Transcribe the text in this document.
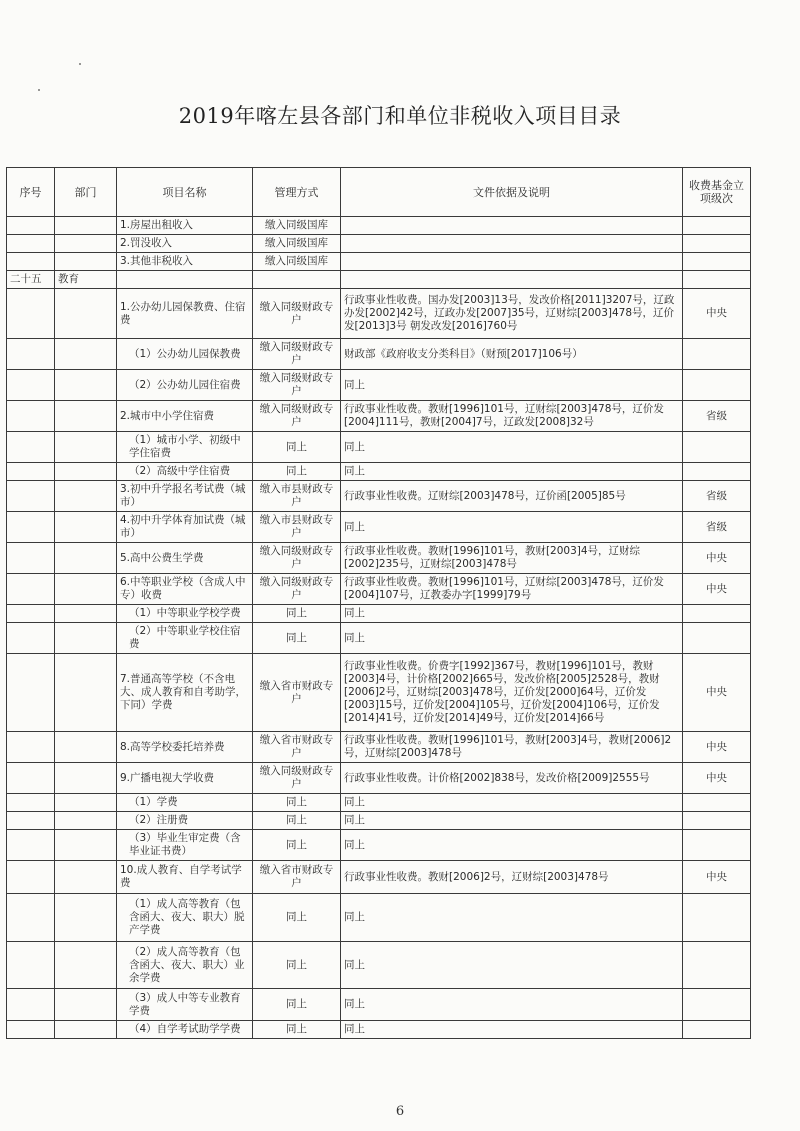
2019年喀左县各部门和单位非税收入项目目录
序号	部门	项目名称	管理方式	文件依据及说明	收费基金立项级次
		1.房屋出租收入	缴入同级国库		
		2.罚没收入	缴入同级国库		
		3.其他非税收入	缴入同级国库		
二十五	教育				
		1.公办幼儿园保教费、住宿费	缴入同级财政专户	行政事业性收费。国办发[2003]13号，发改价格[2011]3207号，辽政办发[2002]42号，辽政办发[2007]35号，辽财综[2003]478号，辽价发[2013]3号 朝发改发[2016]760号	中央
		（1）公办幼儿园保教费	缴入同级财政专户	财政部《政府收支分类科目》（财预[2017]106号）	
		（2）公办幼儿园住宿费	缴入同级财政专户	同上	
		2.城市中小学住宿费	缴入同级财政专户	行政事业性收费。教财[1996]101号，辽财综[2003]478号，辽价发[2004]111号，教财[2004]7号，辽政发[2008]32号	省级
		（1）城市小学、初级中学住宿费	同上	同上	
		（2）高级中学住宿费	同上	同上	
		3.初中升学报名考试费（城市）	缴入市县财政专户	行政事业性收费。辽财综[2003]478号，辽价函[2005]85号	省级
		4.初中升学体育加试费（城市）	缴入市县财政专户	同上	省级
		5.高中公费生学费	缴入同级财政专户	行政事业性收费。教财[1996]101号，教财[2003]4号，辽财综[2002]235号，辽财综[2003]478号	中央
		6.中等职业学校（含成人中专）收费	缴入同级财政专户	行政事业性收费。教财[1996]101号，辽财综[2003]478号，辽价发[2004]107号，辽教委办字[1999]79号	中央
		（1）中等职业学校学费	同上	同上	
		（2）中等职业学校住宿费	同上	同上	
		7.普通高等学校（不含电大、成人教育和自考助学，下同）学费	缴入省市财政专户	行政事业性收费。价费字[1992]367号，教财[1996]101号，教财[2003]4号，计价格[2002]665号，发改价格[2005]2528号，教财[2006]2号，辽财综[2003]478号，辽价发[2000]64号，辽价发[2003]15号，辽价发[2004]105号，辽价发[2004]106号，辽价发[2014]41号，辽价发[2014]49号，辽价发[2014]66号	中央
		8.高等学校委托培养费	缴入省市财政专户	行政事业性收费。教财[1996]101号，教财[2003]4号，教财[2006]2号，辽财综[2003]478号	中央
		9.广播电视大学收费	缴入同级财政专户	行政事业性收费。计价格[2002]838号，发改价格[2009]2555号	中央
		（1）学费	同上	同上	
		（2）注册费	同上	同上	
		（3）毕业生审定费（含毕业证书费）	同上	同上	
		10.成人教育、自学考试学费	缴入省市财政专户	行政事业性收费。教财[2006]2号，辽财综[2003]478号	中央
		（1）成人高等教育（包含函大、夜大、职大）脱产学费	同上	同上	
		（2）成人高等教育（包含函大、夜大、职大）业余学费	同上	同上	
		（3）成人中等专业教育学费	同上	同上	
		（4）自学考试助学学费	同上	同上	
6
